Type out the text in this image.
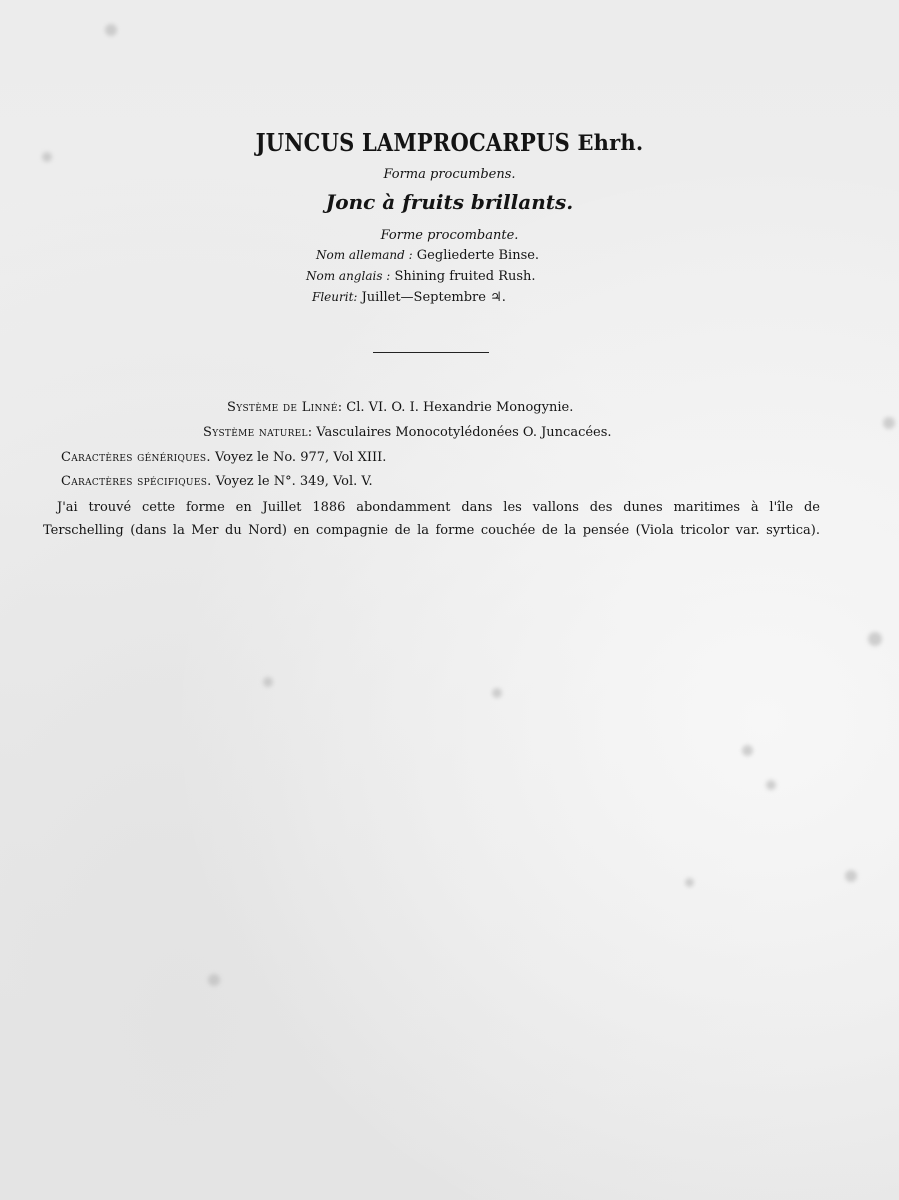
JUNCUS LAMPROCARPUS Ehrh.
Forma procumbens.
Jonc à fruits brillants.
Forme procombante.
Nom allemand : Gegliederte Binse.
Nom anglais : Shining fruited Rush.
Fleurit: Juillet—Septembre ♃.
Système de Linné: Cl. VI. O. I. Hexandrie Monogynie.
Système naturel: Vasculaires Monocotylédonées O. Juncacées.
Caractères génériques. Voyez le No. 977, Vol XIII.
Caractères spécifiques. Voyez le N°. 349, Vol. V.
J'ai trouvé cette forme en Juillet 1886 abondamment dans les vallons des dunes maritimes à l'île de
Terschelling (dans la Mer du Nord) en compagnie de la forme couchée de la pensée (Viola tricolor var. syrtica).
